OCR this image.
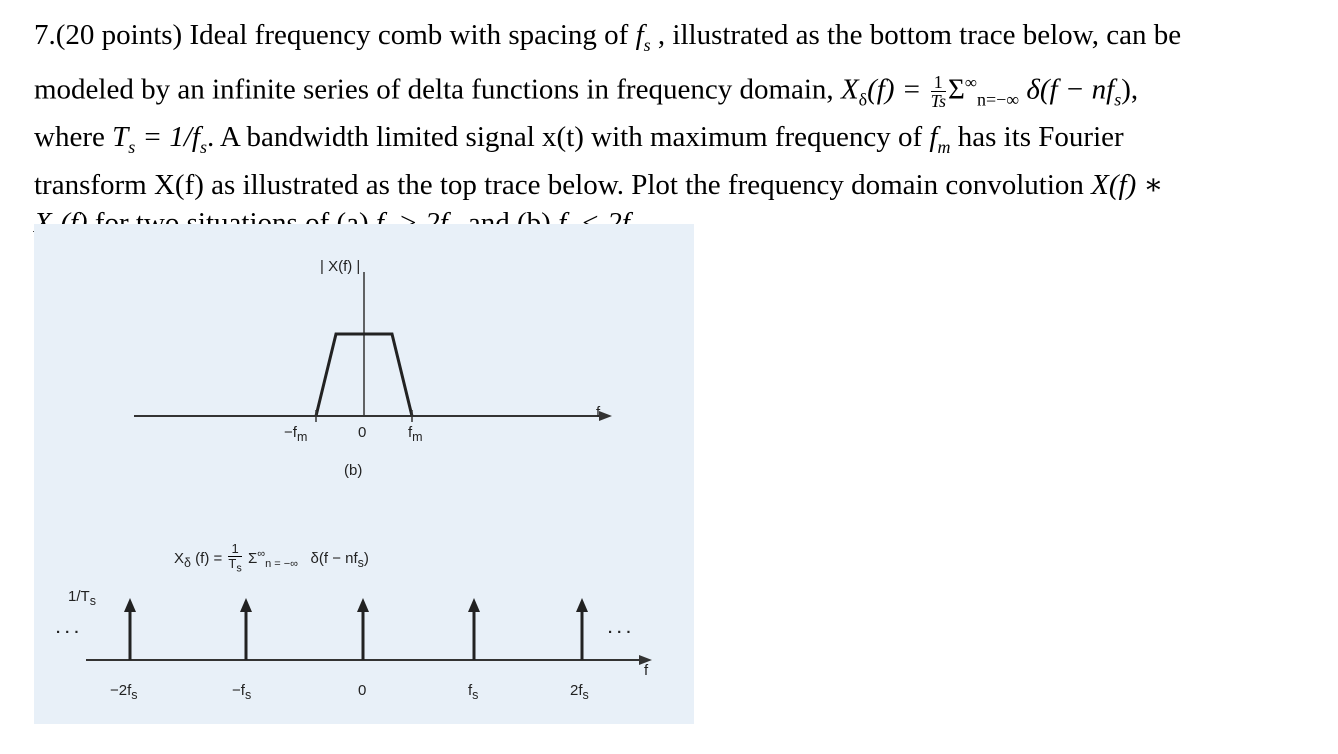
7.(20 points) Ideal frequency comb with spacing of $f_s$ , illustrated as the bottom trace below, can be

modeled by an infinite series of delta functions in frequency domain, $X_\delta(f) = \frac{1}{Ts} \Sigma^\infty_{n=-\infty}$ $\delta(f - nf_s)$,

where $T_s = 1/f_s$. A bandwidth limited signal x(t) with maximum frequency of $f_m$ has its Fourier

transform X(f) as illustrated as the top trace below. Plot the frequency domain convolution X(f) ∗

| X(f) |
f
$-f_m$	0	$f_m$
(b)
$X_\delta$ $(f) = \frac{1}{T_s} \Sigma^\infty_{n = -\infty}$ $\delta(f - nf_s)$
$1/T_s$
· · ·	· · ·
f
$-2f_s$	$-f_s$	0	$f_s$	$2f_s$
